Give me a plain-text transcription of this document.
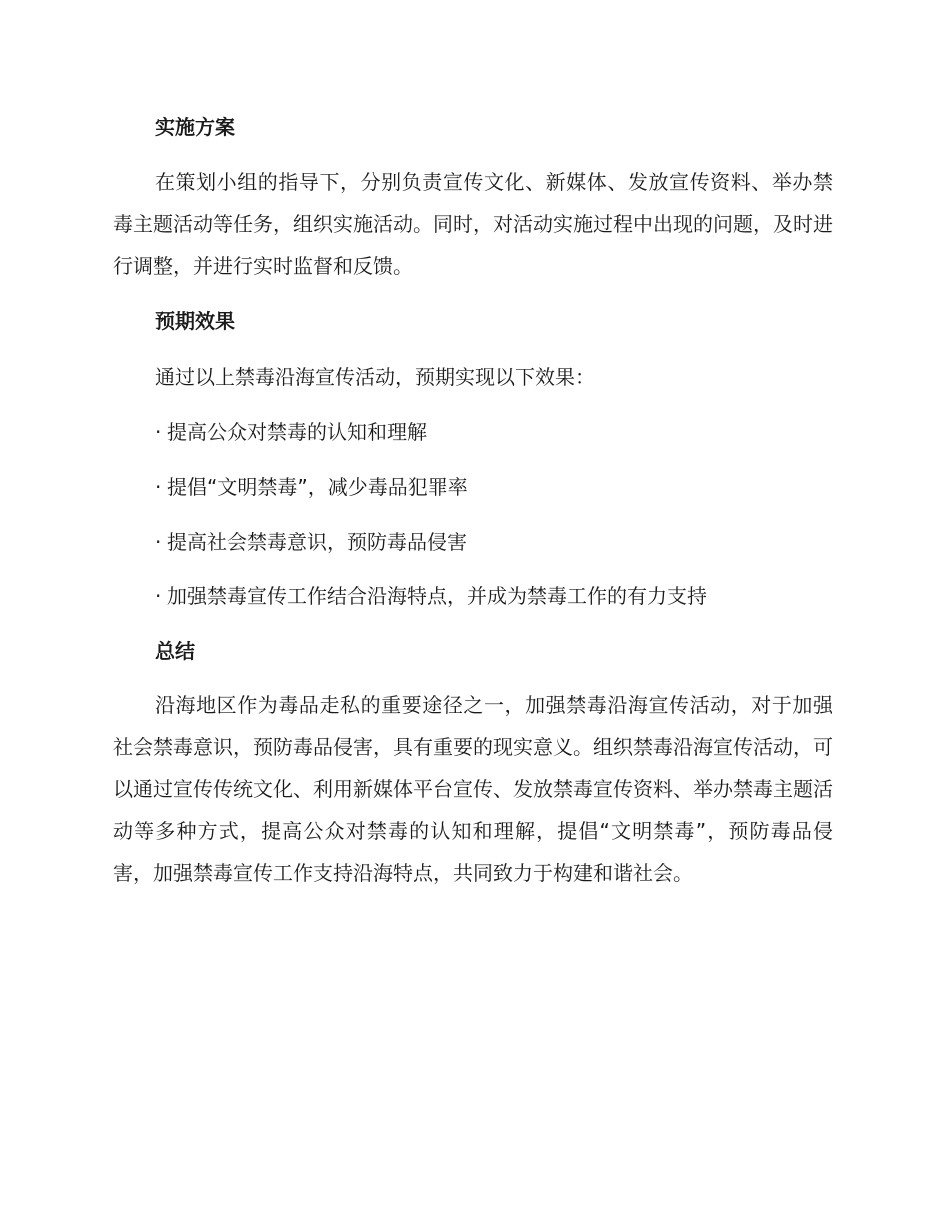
实施方案
在策划小组的指导下，分别负责宣传文化、新媒体、发放宣传资料、举办禁毒主题活动等任务，组织实施活动。同时，对活动实施过程中出现的问题，及时进行调整，并进行实时监督和反馈。
预期效果
通过以上禁毒沿海宣传活动，预期实现以下效果：
· 提高公众对禁毒的认知和理解
· 提倡“文明禁毒”，减少毒品犯罪率
· 提高社会禁毒意识，预防毒品侵害
· 加强禁毒宣传工作结合沿海特点，并成为禁毒工作的有力支持
总结
沿海地区作为毒品走私的重要途径之一，加强禁毒沿海宣传活动，对于加强社会禁毒意识，预防毒品侵害，具有重要的现实意义。组织禁毒沿海宣传活动，可以通过宣传传统文化、利用新媒体平台宣传、发放禁毒宣传资料、举办禁毒主题活动等多种方式，提高公众对禁毒的认知和理解，提倡“文明禁毒”，预防毒品侵害，加强禁毒宣传工作支持沿海特点，共同致力于构建和谐社会。
